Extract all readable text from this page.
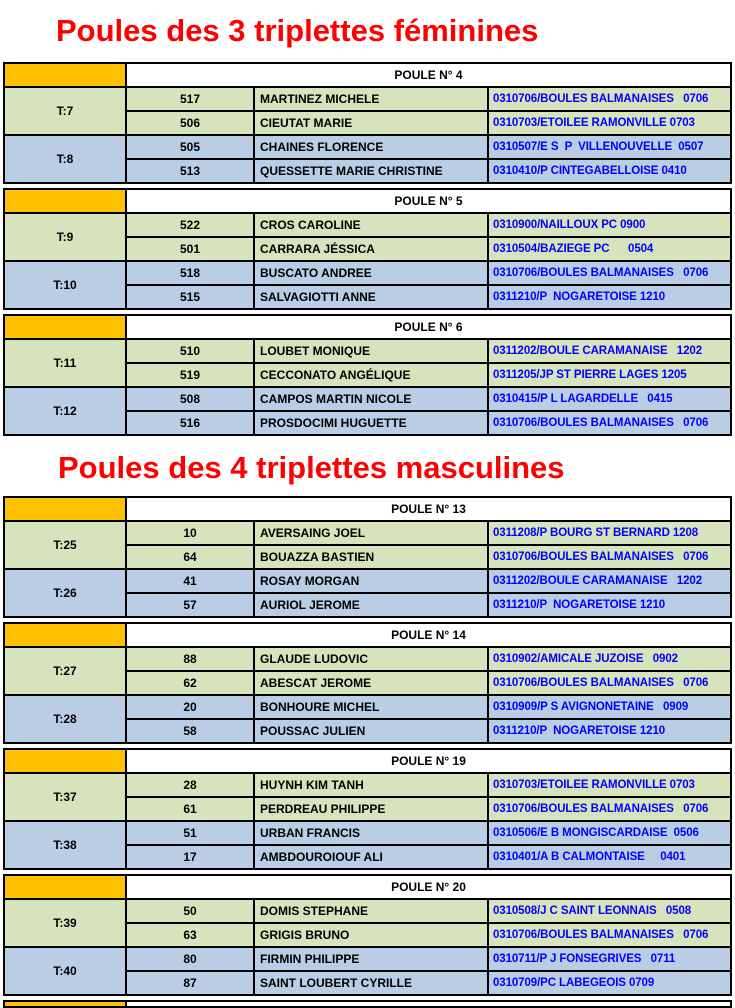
Poules des 3 triplettes féminines
POULE N° 4
T:7
517	MARTINEZ MICHELE	0310706/BOULES BALMANAISES   0706
506	CIEUTAT MARIE	0310703/ETOILEE RAMONVILLE 0703
T:8
505	CHAINES FLORENCE	0310507/E S  P  VILLENOUVELLE  0507
513	QUESSETTE MARIE CHRISTINE	0310410/P CINTEGABELLOISE 0410
POULE N° 5
T:9
522	CROS CAROLINE	0310900/NAILLOUX PC 0900
501	CARRARA JÉSSICA	0310504/BAZIEGE PC      0504
T:10
518	BUSCATO ANDREE	0310706/BOULES BALMANAISES   0706
515	SALVAGIOTTI ANNE	0311210/P  NOGARETOISE 1210
POULE N° 6
T:11
510	LOUBET MONIQUE	0311202/BOULE CARAMANAISE   1202
519	CECCONATO ANGÉLIQUE	0311205/JP ST PIERRE LAGES 1205
T:12
508	CAMPOS MARTIN NICOLE	0310415/P L LAGARDELLE   0415
516	PROSDOCIMI HUGUETTE	0310706/BOULES BALMANAISES   0706
Poules des 4 triplettes masculines
POULE N° 13
T:25
10	AVERSAING JOEL	0311208/P BOURG ST BERNARD 1208
64	BOUAZZA BASTIEN	0310706/BOULES BALMANAISES   0706
T:26
41	ROSAY MORGAN	0311202/BOULE CARAMANAISE   1202
57	AURIOL JEROME	0311210/P  NOGARETOISE 1210
POULE N° 14
T:27
88	GLAUDE LUDOVIC	0310902/AMICALE JUZOISE   0902
62	ABESCAT JEROME	0310706/BOULES BALMANAISES   0706
T:28
20	BONHOURE MICHEL	0310909/P S AVIGNONETAINE   0909
58	POUSSAC JULIEN	0311210/P  NOGARETOISE 1210
POULE N° 19
T:37
28	HUYNH KIM TANH	0310703/ETOILEE RAMONVILLE 0703
61	PERDREAU PHILIPPE	0310706/BOULES BALMANAISES   0706
T:38
51	URBAN FRANCIS	0310506/E B MONGISCARDAISE  0506
17	AMBDOUROIOUF ALI	0310401/A B CALMONTAISE     0401
POULE N° 20
T:39
50	DOMIS STEPHANE	0310508/J C SAINT LEONNAIS   0508
63	GRIGIS BRUNO	0310706/BOULES BALMANAISES   0706
T:40
80	FIRMIN PHILIPPE	0310711/P J FONSEGRIVES   0711
87	SAINT LOUBERT CYRILLE	0310709/PC LABEGEOIS 0709
